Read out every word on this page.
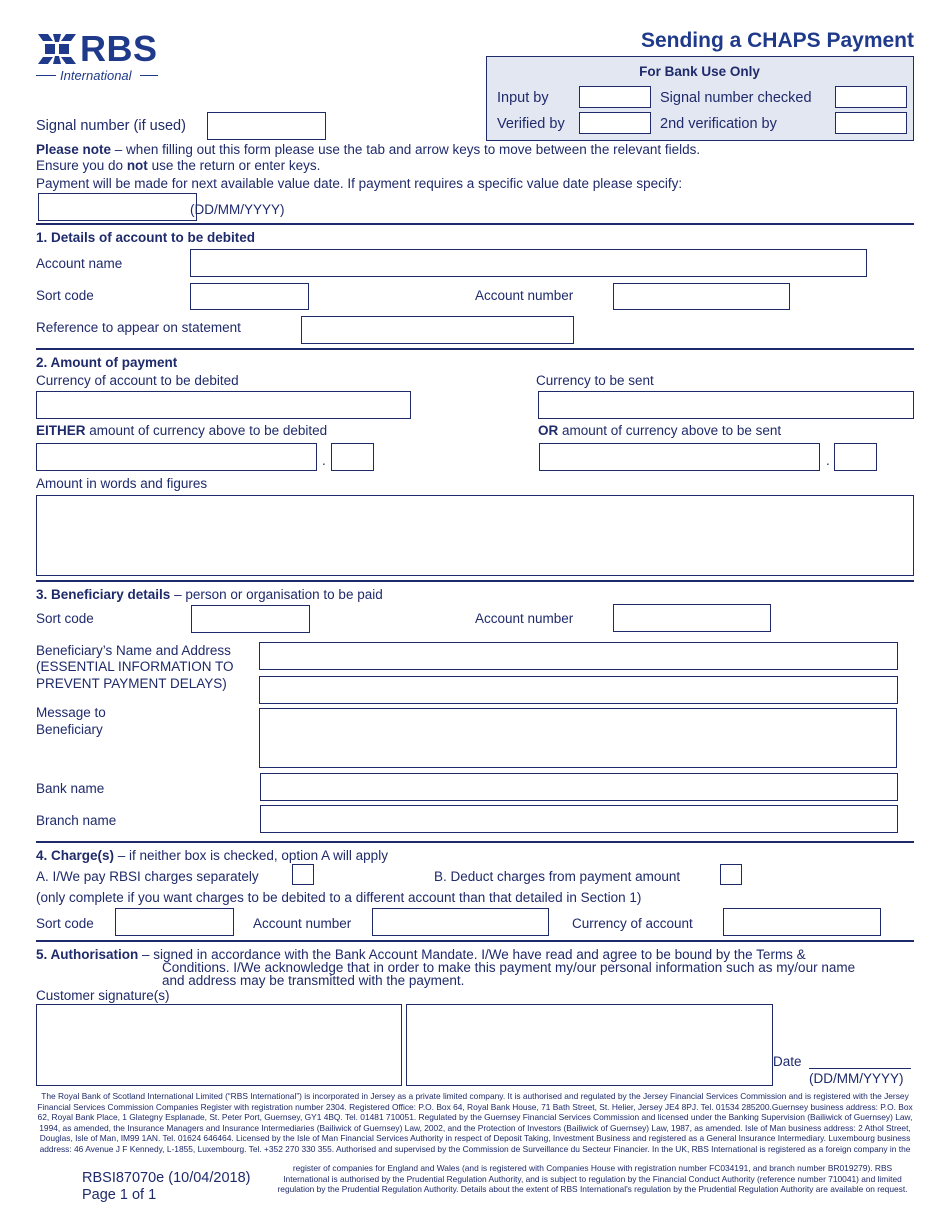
RBS
International
Sending a CHAPS Payment
For Bank Use Only
Input by	Signal number checked
Verified by	2nd verification by
Signal number (if used)
Please note – when filling out this form please use the tab and arrow keys to move between the relevant fields.
Ensure you do not use the return or enter keys.
Payment will be made for next available value date. If payment requires a specific value date please specify:
(DD/MM/YYYY)
1. Details of account to be debited
Account name
Sort code	Account number
Reference to appear on statement
2. Amount of payment
Currency of account to be debited	Currency to be sent
EITHER amount of currency above to be debited	OR amount of currency above to be sent
.	.
Amount in words and figures
3. Beneficiary details – person or organisation to be paid
Sort code	Account number
Beneficiary’s Name and Address
(ESSENTIAL INFORMATION TO
PREVENT PAYMENT DELAYS)
Message to
Beneficiary
Bank name
Branch name
4. Charge(s) – if neither box is checked, option A will apply
A. I/We pay RBSI charges separately	B. Deduct charges from payment amount
(only complete if you want charges to be debited to a different account than that detailed in Section 1)
Sort code	Account number	Currency of account
5. Authorisation – signed in accordance with the Bank Account Mandate. I/We have read and agree to be bound by the Terms &
Conditions. I/We acknowledge that in order to make this payment my/our personal information such as my/our name
and address may be transmitted with the payment.
Customer signature(s)
Date
(DD/MM/YYYY)
The Royal Bank of Scotland International Limited (“RBS International”) is incorporated in Jersey as a private limited company. It is authorised and regulated by the Jersey Financial Services Commission and is registered with the Jersey Financial Services Commission Companies Register with registration number 2304. Registered Office: P.O. Box 64, Royal Bank House, 71 Bath Street, St. Helier, Jersey JE4 8PJ. Tel. 01534 285200.Guernsey business address: P.O. Box 62, Royal Bank Place, 1 Glategny Esplanade, St. Peter Port, Guernsey, GY1 4BQ. Tel. 01481 710051. Regulated by the Guernsey Financial Services Commission and licensed under the Banking Supervision (Bailiwick of Guernsey) Law, 1994, as amended, the Insurance Managers and Insurance Intermediaries (Bailiwick of Guernsey) Law, 2002, and the Protection of Investors (Bailiwick of Guernsey) Law, 1987, as amended. Isle of Man business address: 2 Athol Street, Douglas, Isle of Man, IM99 1AN. Tel. 01624 646464. Licensed by the Isle of Man Financial Services Authority in respect of Deposit Taking, Investment Business and registered as a General Insurance Intermediary. Luxembourg business address: 46 Avenue J F Kennedy, L-1855, Luxembourg. Tel. +352 270 330 355. Authorised and supervised by the Commission de Surveillance du Secteur Financier. In the UK, RBS International is registered as a foreign company in the
register of companies for England and Wales (and is registered with Companies House with registration number FC034191, and branch number BR019279). RBS International is authorised by the Prudential Regulation Authority, and is subject to regulation by the Financial Conduct Authority (reference number 710041) and limited regulation by the Prudential Regulation Authority. Details about the extent of RBS International's regulation by the Prudential Regulation Authority are available on request.
RBSI87070e (10/04/2018)
Page 1 of 1
